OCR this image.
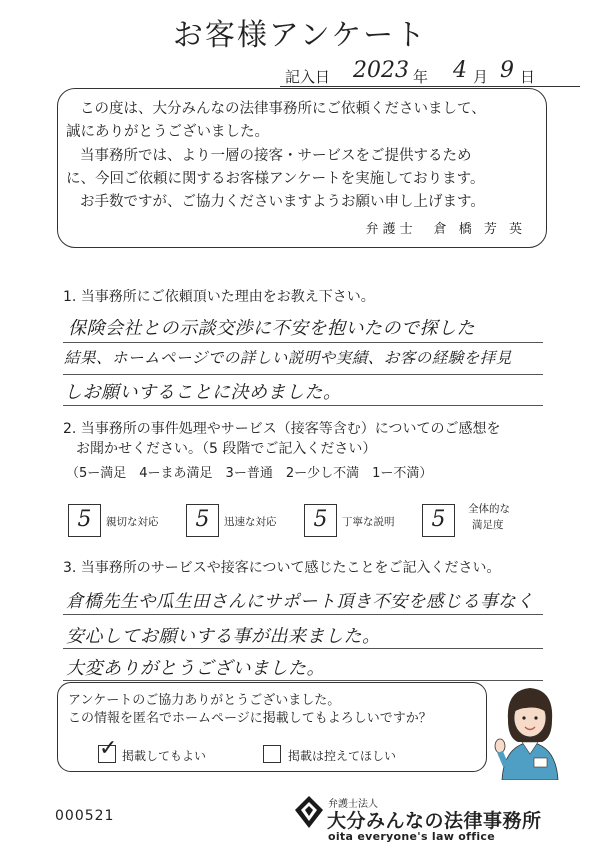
お客様アンケート
記入日 2023 年 4 月 9 日
この度は、大分みんなの法律事務所にご依頼くださいまして、
誠にありがとうございました。
当事務所では、より一層の接客・サービスをご提供するため
に、今回ご依頼に関するお客様アンケートを実施しております。
お手数ですが、ご協力くださいますようお願い申し上げます。
弁護士　倉 橋 芳 英
1. 当事務所にご依頼頂いた理由をお教え下さい。
保険会社との示談交渉に不安を抱いたので探した
結果、ホームページでの詳しい説明や実績、お客の経験を拝見
しお願いすることに決めました。
2. 当事務所の事件処理やサービス（接客等含む）についてのご感想を
お聞かせください。（5 段階でご記入ください）
（5ー満足　4ーまあ満足　3ー普通　2ー少し不満　1ー不満）
5	親切な対応	5	迅速な対応	5	丁寧な説明	5	全体的な
満足度
3. 当事務所のサービスや接客について感じたことをご記入ください。
倉橋先生や瓜生田さんにサポート頂き不安を感じる事なく
安心してお願いする事が出来ました。
大変ありがとうございました。
アンケートのご協力ありがとうございました。
この情報を匿名でホームページに掲載してもよろしいですか？
✓ 掲載してもよい	掲載は控えてほしい
000521
弁護士法人
大分みんなの法律事務所
oita everyone's law office
